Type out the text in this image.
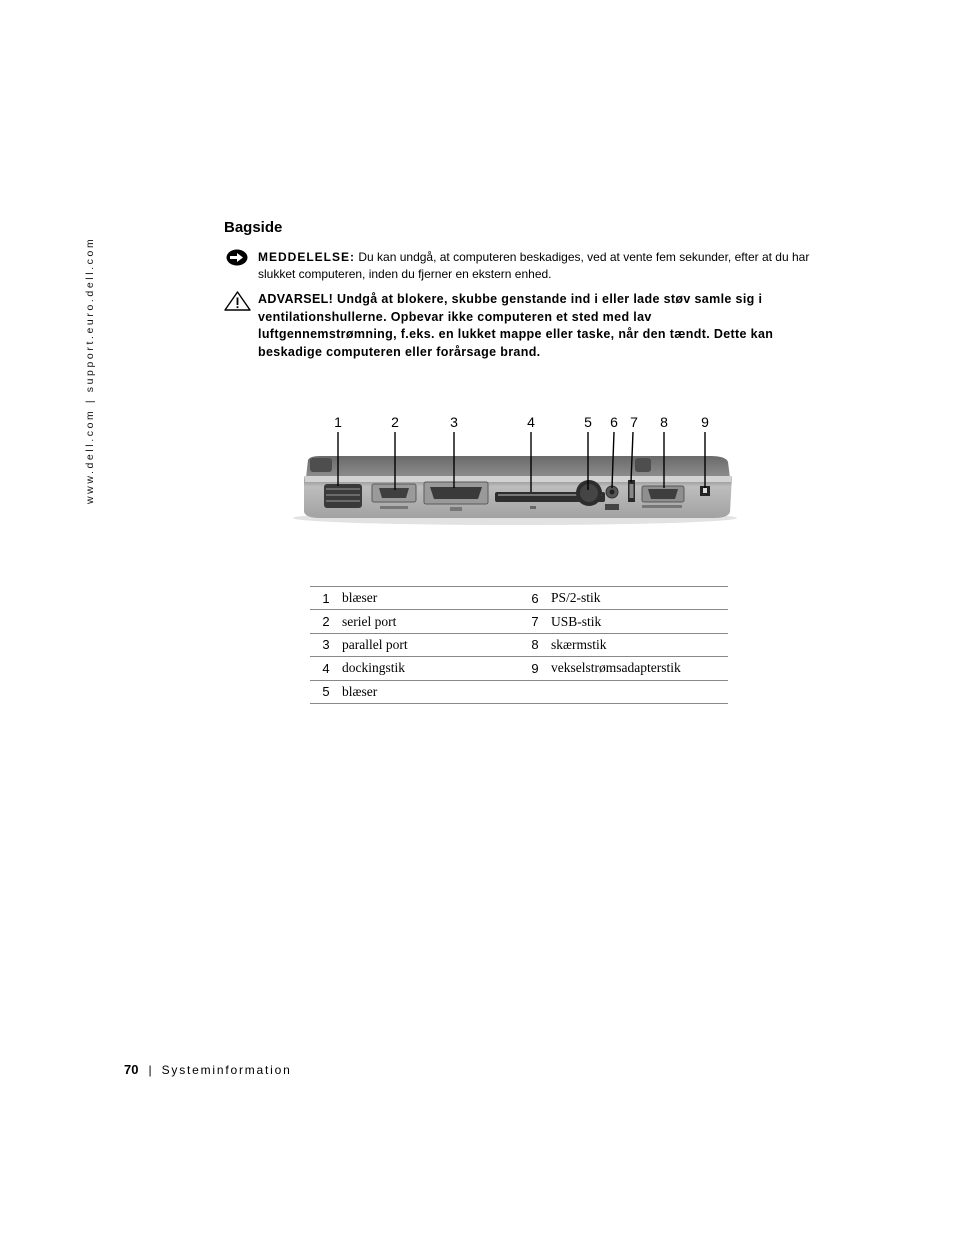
www.dell.com | support.euro.dell.com
Bagside
MEDDELELSE: Du kan undgå, at computeren beskadiges, ved at vente fem sekunder, efter at du har slukket computeren, inden du fjerner en ekstern enhed.
ADVARSEL! Undgå at blokere, skubbe genstande ind i eller lade støv samle sig i ventilationshullerne. Opbevar ikke computeren et sted med lav luftgennemstrømning, f.eks. en lukket mappe eller taske, når den tændt. Dette kan beskadige computeren eller forårsage brand.
1	2	3	4	5	6 7	8	9
1	blæser	6	PS/2-stik
2	seriel port	7	USB-stik
3	parallel port	8	skærmstik
4	dockingstik	9	vekselstrømsadapterstik
5	blæser		
70 | Systeminformation
